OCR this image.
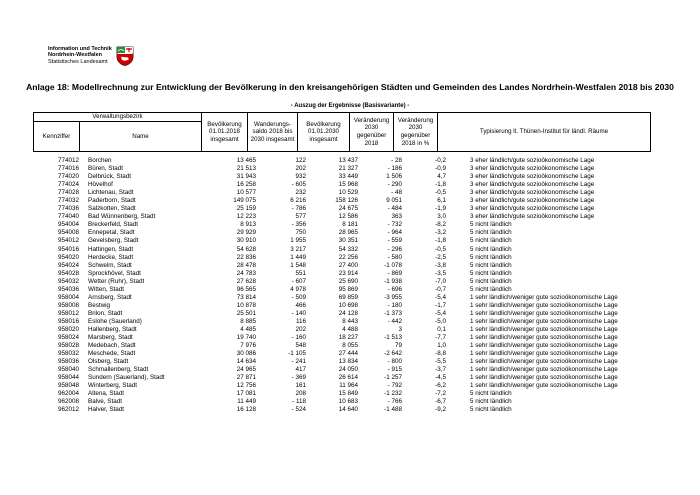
Information und Technik
Nordrhein-Westfalen
Statistisches Landesamt
Anlage 18: Modellrechnung zur Entwicklung der Bevölkerung in den kreisangehörigen Städten und Gemeinden des Landes Nordrhein-Westfalen 2018 bis 2030
- Auszug der Ergebnisse (Basisvariante) -
Verwaltungsbezirk		Bevölkerung 01.01.2018 insgesamt	Wanderungs-saldo 2018 bis 2030 insgesamt	Bevölkerung 01.01.2030 insgesamt	Veränderung 2030 gegenüber 2018	Veränderung 2030 gegenüber 2018 in %	Typisierung lt. Thünen-Institut für ländl. Räume
Kennziffer	Name						
774012	Borchen	13 465	122	13 437	- 28	-0,2	3 eher ländlich/gute sozioökonomische Lage
774016	Büren, Stadt	21 513	202	21 327	- 186	-0,9	3 eher ländlich/gute sozioökonomische Lage
774020	Delbrück, Stadt	31 943	932	33 449	1 506	4,7	3 eher ländlich/gute sozioökonomische Lage
774024	Hövelhof	16 258	- 605	15 968	- 290	-1,8	3 eher ländlich/gute sozioökonomische Lage
774028	Lichtenau, Stadt	10 577	232	10 529	- 48	-0,5	3 eher ländlich/gute sozioökonomische Lage
774032	Paderborn, Stadt	149 075	6 216	158 126	9 051	6,1	3 eher ländlich/gute sozioökonomische Lage
774036	Salzkotten, Stadt	25 159	- 786	24 675	- 484	-1,9	3 eher ländlich/gute sozioökonomische Lage
774040	Bad Wünnenberg, Stadt	12 223	577	12 586	363	3,0	3 eher ländlich/gute sozioökonomische Lage
954004	Breckerfeld, Stadt	8 913	- 356	8 181	- 732	-8,2	5 nicht ländlich
954008	Ennepetal, Stadt	29 929	750	28 965	- 964	-3,2	5 nicht ländlich
954012	Gevelsberg, Stadt	30 910	1 955	30 351	- 559	-1,8	5 nicht ländlich
954016	Hattingen, Stadt	54 628	3 217	54 332	- 296	-0,5	5 nicht ländlich
954020	Herdecke, Stadt	22 836	1 449	22 256	- 580	-2,5	5 nicht ländlich
954024	Schwelm, Stadt	28 478	1 548	27 400	-1 078	-3,8	5 nicht ländlich
954028	Sprockhövel, Stadt	24 783	551	23 914	- 869	-3,5	5 nicht ländlich
954032	Wetter (Ruhr), Stadt	27 628	- 607	25 690	-1 938	-7,0	5 nicht ländlich
954036	Witten, Stadt	96 565	4 978	95 869	- 696	-0,7	5 nicht ländlich
958004	Arnsberg, Stadt	73 814	- 509	69 859	-3 955	-5,4	1 sehr ländlich/weniger gute sozioökonomische Lage
958008	Bestwig	10 878	466	10 698	- 180	-1,7	1 sehr ländlich/weniger gute sozioökonomische Lage
958012	Brilon, Stadt	25 501	- 140	24 128	-1 373	-5,4	1 sehr ländlich/weniger gute sozioökonomische Lage
958016	Eslohe (Sauerland)	8 885	116	8 443	- 442	-5,0	1 sehr ländlich/weniger gute sozioökonomische Lage
958020	Hallenberg, Stadt	4 485	202	4 488	3	0,1	1 sehr ländlich/weniger gute sozioökonomische Lage
958024	Marsberg, Stadt	19 740	- 160	18 227	-1 513	-7,7	1 sehr ländlich/weniger gute sozioökonomische Lage
958028	Medebach, Stadt	7 976	548	8 055	79	1,0	1 sehr ländlich/weniger gute sozioökonomische Lage
958032	Meschede, Stadt	30 086	-1 105	27 444	-2 642	-8,8	1 sehr ländlich/weniger gute sozioökonomische Lage
958036	Olsberg, Stadt	14 634	- 241	13 834	- 800	-5,5	1 sehr ländlich/weniger gute sozioökonomische Lage
958040	Schmallenberg, Stadt	24 965	417	24 050	- 915	-3,7	1 sehr ländlich/weniger gute sozioökonomische Lage
958044	Sundern (Sauerland), Stadt	27 871	- 369	26 614	-1 257	-4,5	1 sehr ländlich/weniger gute sozioökonomische Lage
958048	Winterberg, Stadt	12 756	161	11 964	- 792	-6,2	1 sehr ländlich/weniger gute sozioökonomische Lage
962004	Altena, Stadt	17 081	208	15 849	-1 232	-7,2	5 nicht ländlich
962008	Balve, Stadt	11 449	- 118	10 683	- 766	-6,7	5 nicht ländlich
962012	Halver, Stadt	16 128	- 524	14 640	-1 488	-9,2	5 nicht ländlich
